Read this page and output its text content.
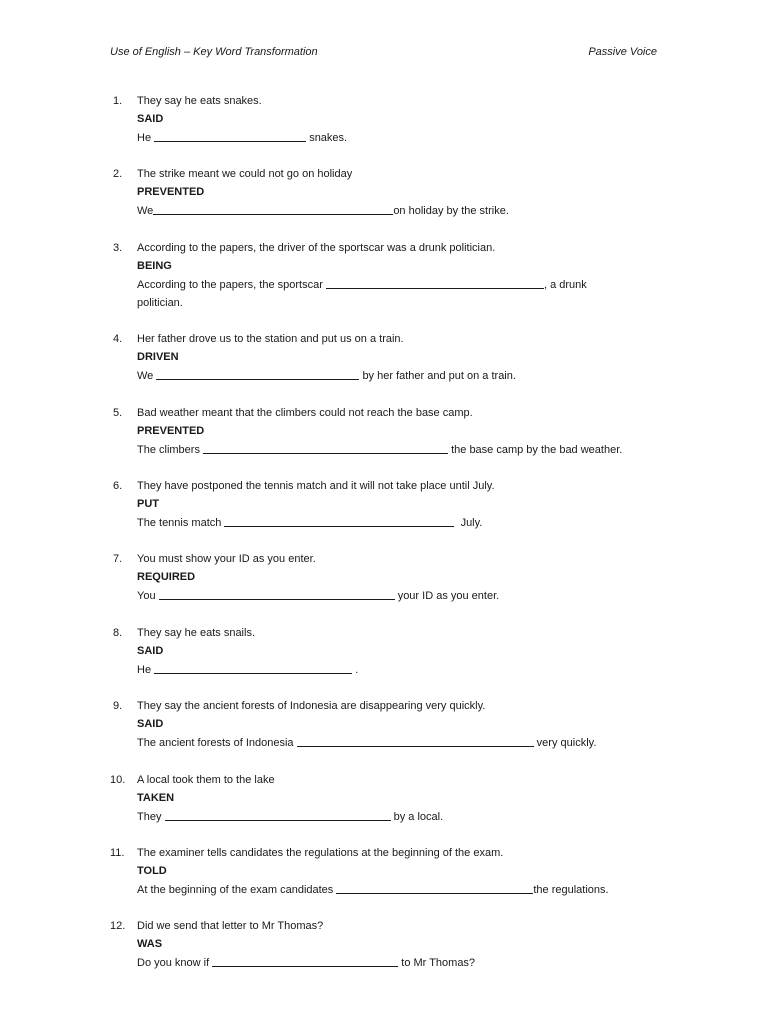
Use of English – Key Word Transformation	Passive Voice
1. They say he eats snakes.
SAID
He	snakes.
2. The strike meant we could not go on holiday
PREVENTED
We	on holiday by the strike.
3. According to the papers, the driver of the sportscar was a drunk politician.
BEING
According to the papers, the sportscar	, a drunk
politician.
4. Her father drove us to the station and put us on a train.
DRIVEN
We	by her father and put on a train.
5. Bad weather meant that the climbers could not reach the base camp.
PREVENTED
The climbers	the base camp by the bad weather.
6. They have postponed the tennis match and it will not take place until July.
PUT
The tennis match	July.
7. You must show your ID as you enter.
REQUIRED
You	your ID as you enter.
8. They say he eats snails.
SAID
He	.
9. They say the ancient forests of Indonesia are disappearing very quickly.
SAID
The ancient forests of Indonesia	very quickly.
10. A local took them to the lake
TAKEN
They	by a local.
11. The examiner tells candidates the regulations at the beginning of the exam.
TOLD
At the beginning of the exam candidates	the regulations.
12. Did we send that letter to Mr Thomas?
WAS
Do you know if	to Mr Thomas?
